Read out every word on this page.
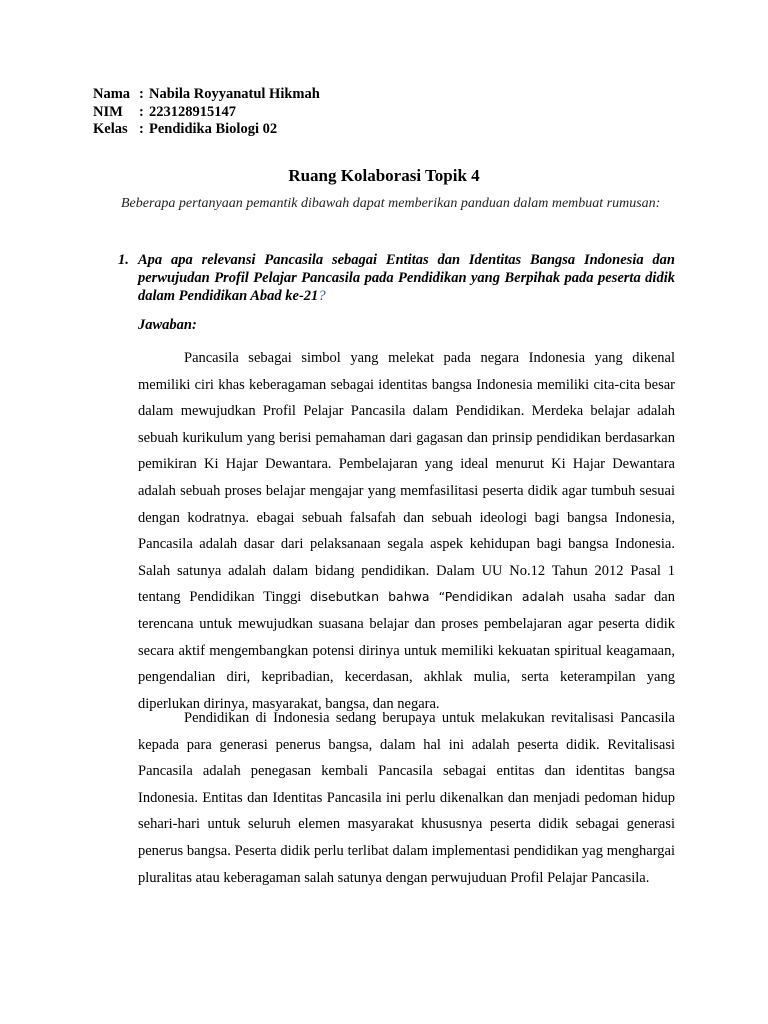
Nama : Nabila Royyanatul Hikmah
NIM	: 223128915147
Kelas : Pendidika Biologi 02
Ruang Kolaborasi Topik 4
Beberapa pertanyaan pemantik dibawah dapat memberikan panduan dalam membuat rumusan:
1. Apa apa relevansi Pancasila sebagai Entitas dan Identitas Bangsa Indonesia dan perwujudan Profil Pelajar Pancasila pada Pendidikan yang Berpihak pada peserta didik dalam Pendidikan Abad ke-21?
Jawaban:

Pancasila sebagai simbol yang melekat pada negara Indonesia yang dikenal memiliki ciri khas keberagaman sebagai identitas bangsa Indonesia memiliki cita-cita besar dalam mewujudkan Profil Pelajar Pancasila dalam Pendidikan. Merdeka belajar adalah sebuah kurikulum yang berisi pemahaman dari gagasan dan prinsip pendidikan berdasarkan pemikiran Ki Hajar Dewantara. Pembelajaran yang ideal menurut Ki Hajar Dewantara adalah sebuah proses belajar mengajar yang memfasilitasi peserta didik agar tumbuh sesuai dengan kodratnya. ebagai sebuah falsafah dan sebuah ideologi bagi bangsa Indonesia, Pancasila adalah dasar dari pelaksanaan segala aspek kehidupan bagi bangsa Indonesia. Salah satunya adalah dalam bidang pendidikan. Dalam UU No.12 Tahun 2012 Pasal 1 tentang Pendidikan Tinggi disebutkan bahwa “Pendidikan adalah usaha sadar dan terencana untuk mewujudkan suasana belajar dan proses pembelajaran agar peserta didik secara aktif mengembangkan potensi dirinya untuk memiliki kekuatan spiritual keagamaan, pengendalian diri, kepribadian, kecerdasan, akhlak mulia, serta keterampilan yang diperlukan dirinya, masyarakat, bangsa, dan negara.

Pendidikan di Indonesia sedang berupaya untuk melakukan revitalisasi Pancasila kepada para generasi penerus bangsa, dalam hal ini adalah peserta didik. Revitalisasi Pancasila adalah penegasan kembali Pancasila sebagai entitas dan identitas bangsa Indonesia. Entitas dan Identitas Pancasila ini perlu dikenalkan dan menjadi pedoman hidup sehari-hari untuk seluruh elemen masyarakat khususnya peserta didik sebagai generasi penerus bangsa. Peserta didik perlu terlibat dalam implementasi pendidikan yag menghargai pluralitas atau keberagaman salah satunya dengan perwujuduan Profil Pelajar Pancasila.
